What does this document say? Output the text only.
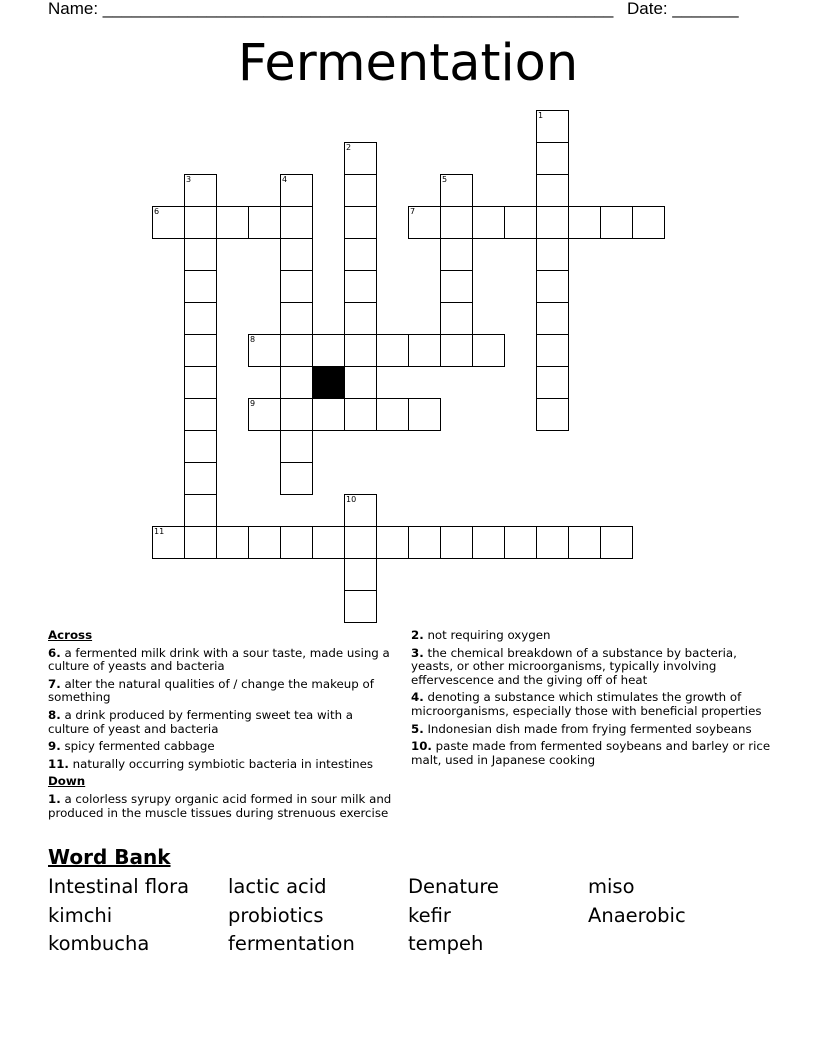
Name: ______________________________________________________ Date: _______
Fermentation
1
2
3	4	5
6	7
8
9
10
11
Across
6. a fermented milk drink with a sour taste, made using a culture of yeasts and bacteria
7. alter the natural qualities of / change the makeup of something
8. a drink produced by fermenting sweet tea with a culture of yeast and bacteria
9. spicy fermented cabbage
11. naturally occurring symbiotic bacteria in intestines
Down
1. a colorless syrupy organic acid formed in sour milk and produced in the muscle tissues during strenuous exercise
2. not requiring oxygen
3. the chemical breakdown of a substance by bacteria, yeasts, or other microorganisms, typically involving effervescence and the giving off of heat
4. denoting a substance which stimulates the growth of microorganisms, especially those with beneficial properties
5. Indonesian dish made from frying fermented soybeans
10. paste made from fermented soybeans and barley or rice malt, used in Japanese cooking
Word Bank
Intestinal flora	lactic acid	Denature	miso
kimchi	probiotics	kefir	Anaerobic
kombucha	fermentation	tempeh
